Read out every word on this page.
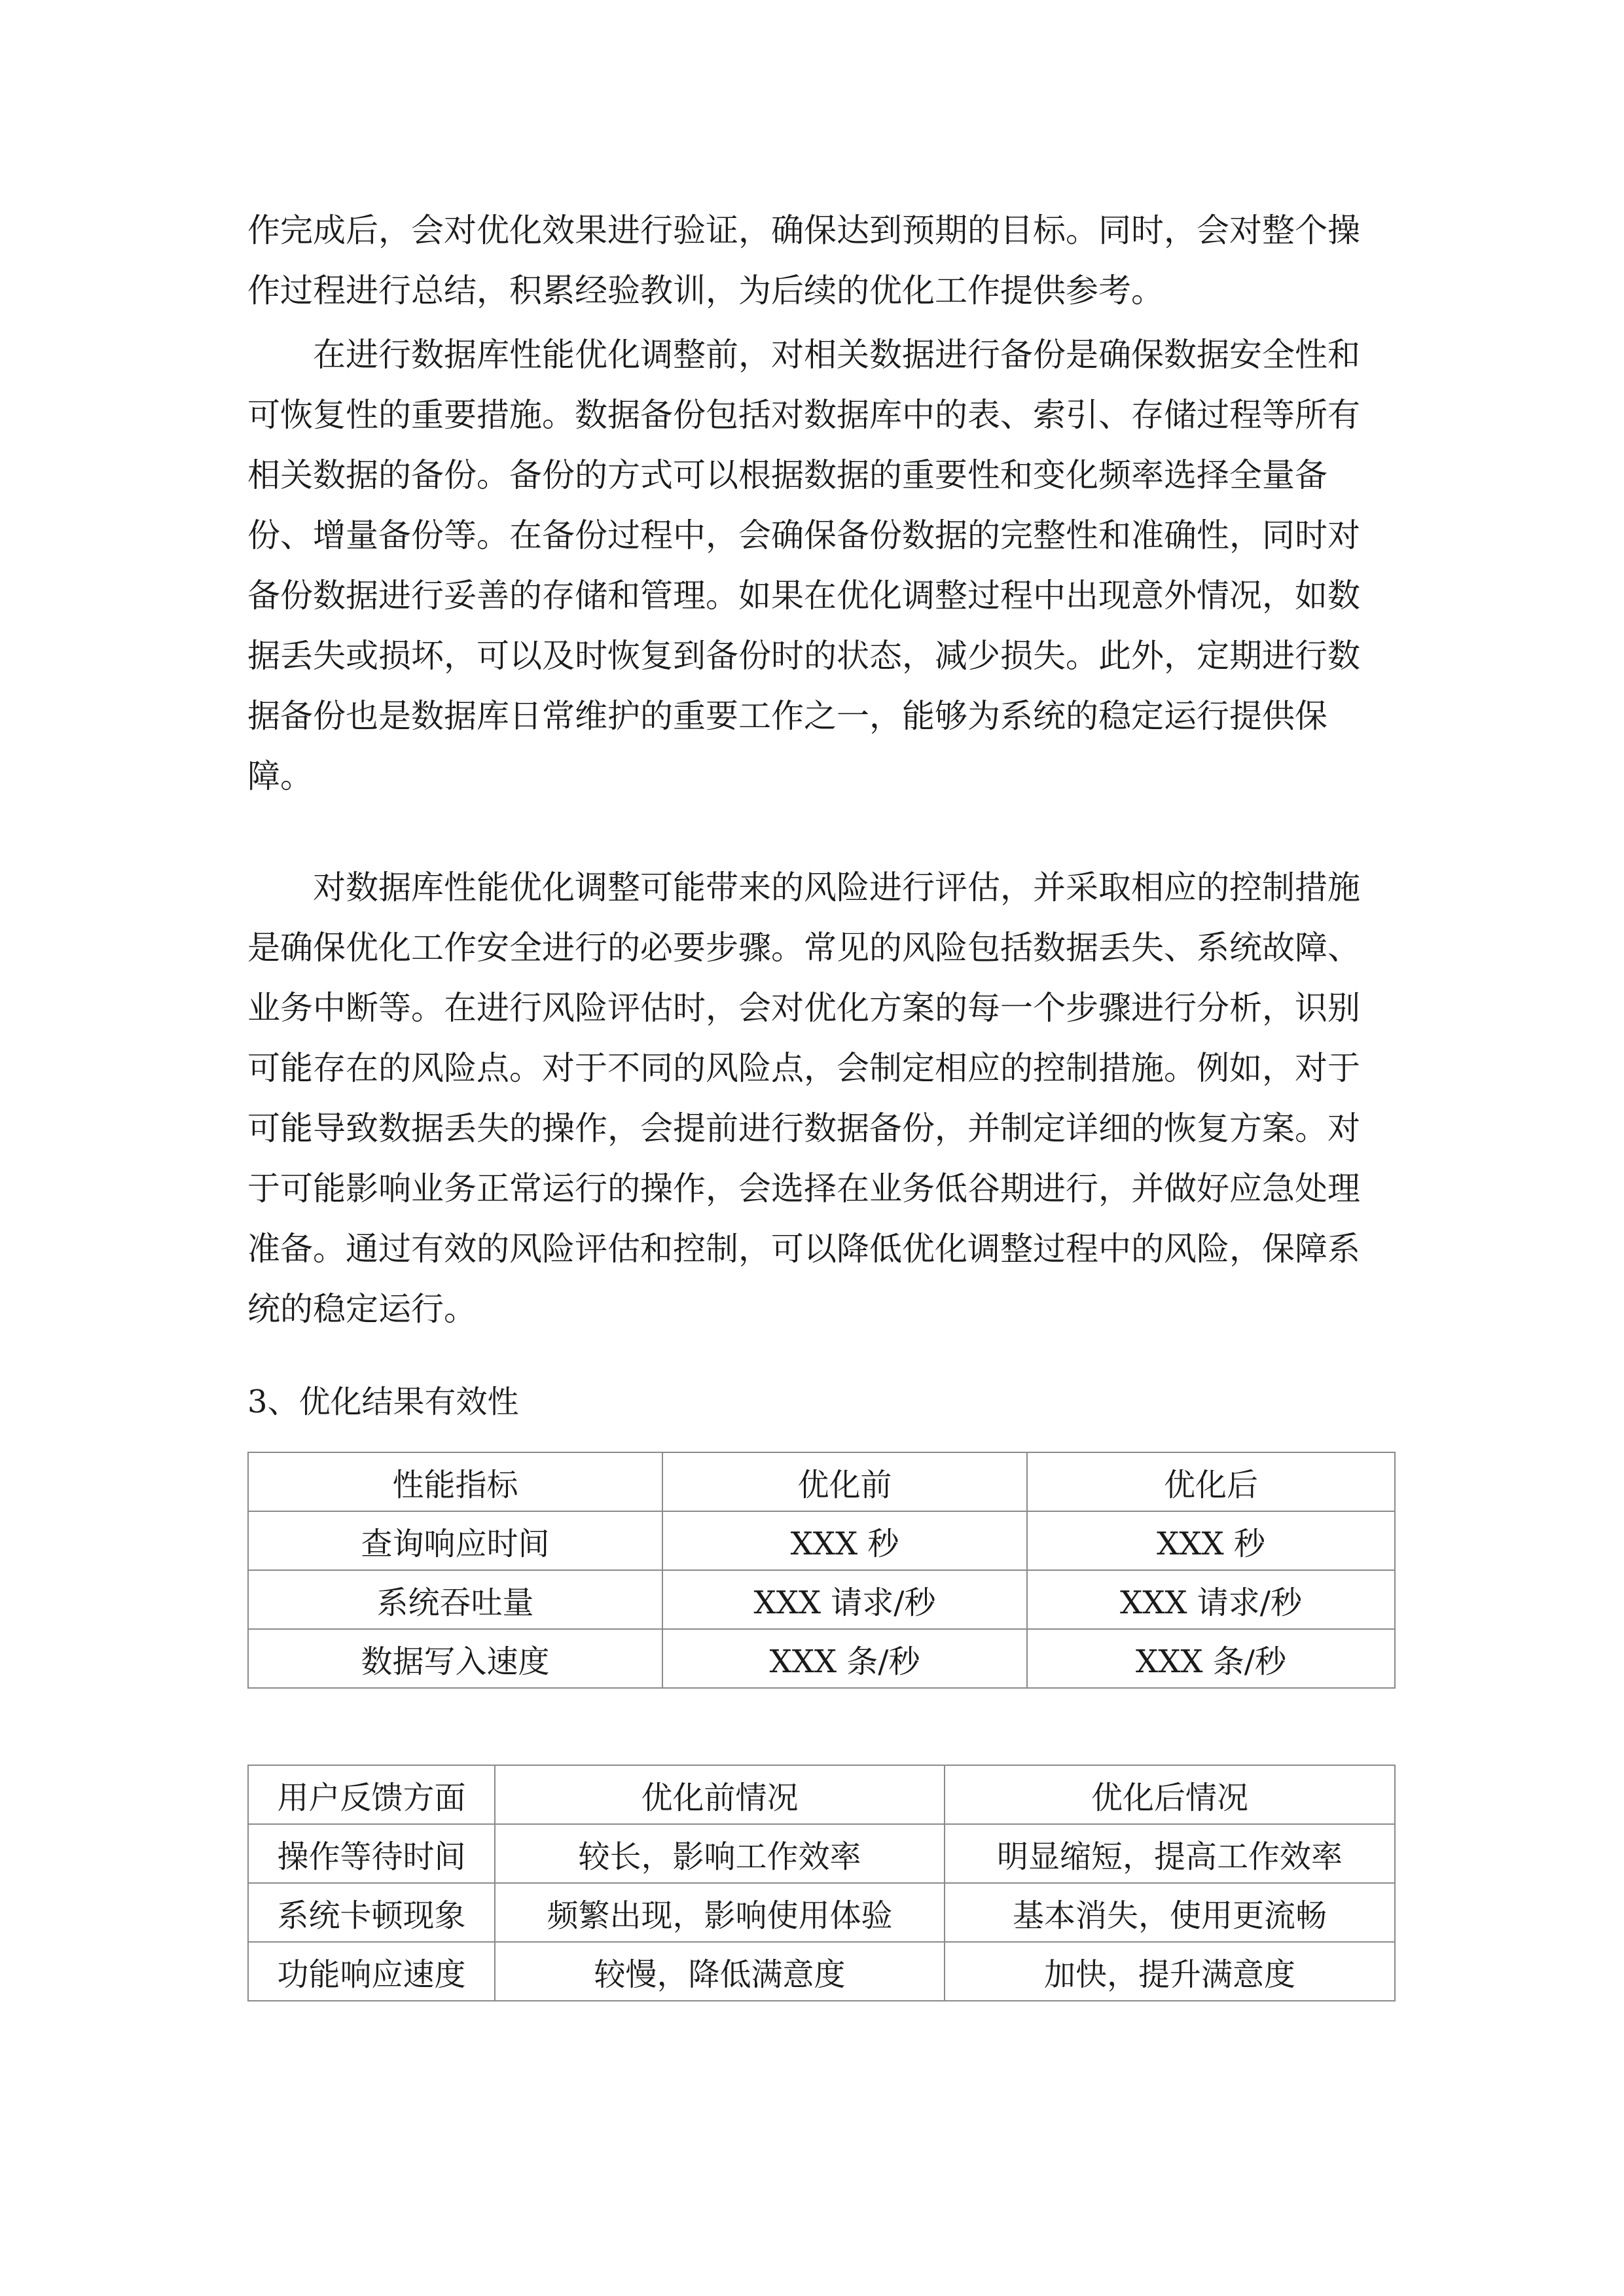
作完成后，会对优化效果进行验证，确保达到预期的目标。同时，会对整个操
作过程进行总结，积累经验教训，为后续的优化工作提供参考。
在进行数据库性能优化调整前，对相关数据进行备份是确保数据安全性和
可恢复性的重要措施。数据备份包括对数据库中的表、索引、存储过程等所有
相关数据的备份。备份的方式可以根据数据的重要性和变化频率选择全量备
份、增量备份等。在备份过程中，会确保备份数据的完整性和准确性，同时对
备份数据进行妥善的存储和管理。如果在优化调整过程中出现意外情况，如数
据丢失或损坏，可以及时恢复到备份时的状态，减少损失。此外，定期进行数
据备份也是数据库日常维护的重要工作之一，能够为系统的稳定运行提供保
障。
对数据库性能优化调整可能带来的风险进行评估，并采取相应的控制措施
是确保优化工作安全进行的必要步骤。常见的风险包括数据丢失、系统故障、
业务中断等。在进行风险评估时，会对优化方案的每一个步骤进行分析，识别
可能存在的风险点。对于不同的风险点，会制定相应的控制措施。例如，对于
可能导致数据丢失的操作，会提前进行数据备份，并制定详细的恢复方案。对
于可能影响业务正常运行的操作，会选择在业务低谷期进行，并做好应急处理
准备。通过有效的风险评估和控制，可以降低优化调整过程中的风险，保障系
统的稳定运行。
3、优化结果有效性
性能指标	优化前	优化后
查询响应时间	XXX 秒	XXX 秒
系统吞吐量	XXX 请求/秒	XXX 请求/秒
数据写入速度	XXX 条/秒	XXX 条/秒
用户反馈方面	优化前情况	优化后情况
操作等待时间	较长，影响工作效率	明显缩短，提高工作效率
系统卡顿现象	频繁出现，影响使用体验	基本消失，使用更流畅
功能响应速度	较慢，降低满意度	加快，提升满意度
